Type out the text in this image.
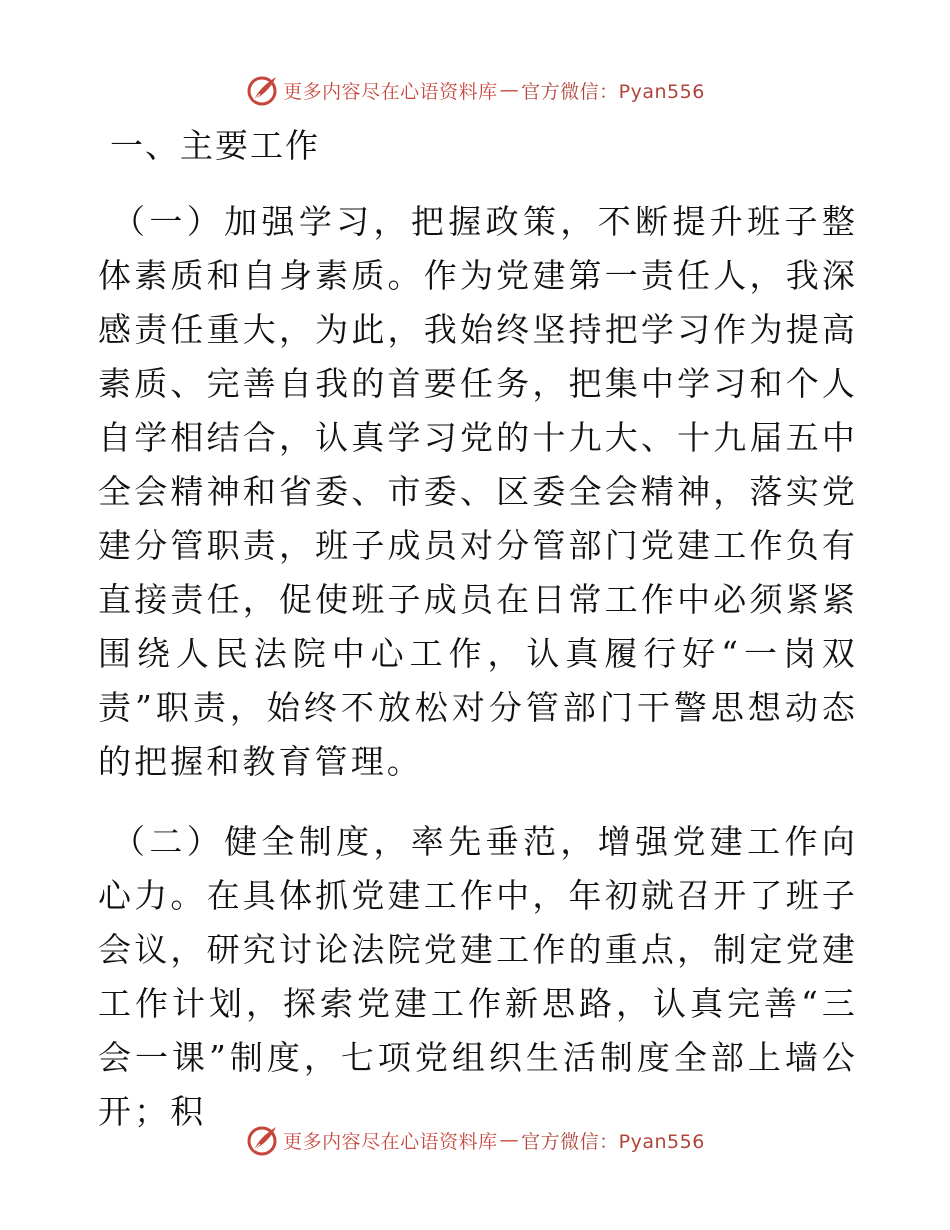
更多内容尽在心语资料库 — 官方微信：Pyan556
一、主要工作

（一）加强学习，把握政策，不断提升班子整体素质和自身素质。作为党建第一责任人，我深感责任重大，为此，我始终坚持把学习作为提高素质、完善自我的首要任务，把集中学习和个人自学相结合，认真学习党的十九大、十九届五中全会精神和省委、市委、区委全会精神，落实党建分管职责，班子成员对分管部门党建工作负有直接责任，促使班子成员在日常工作中必须紧紧围绕人民法院中心工作，认真履行好“一岗双责”职责，始终不放松对分管部门干警思想动态的把握和教育管理。

（二）健全制度，率先垂范，增强党建工作向心力。在具体抓党建工作中，年初就召开了班子会议，研究讨论法院党建工作的重点，制定党建工作计划，探索党建工作新思路，认真完善“三会一课”制度，七项党组织生活制度全部上墙公开；积

更多内容尽在心语资料库 — 官方微信：Pyan556
